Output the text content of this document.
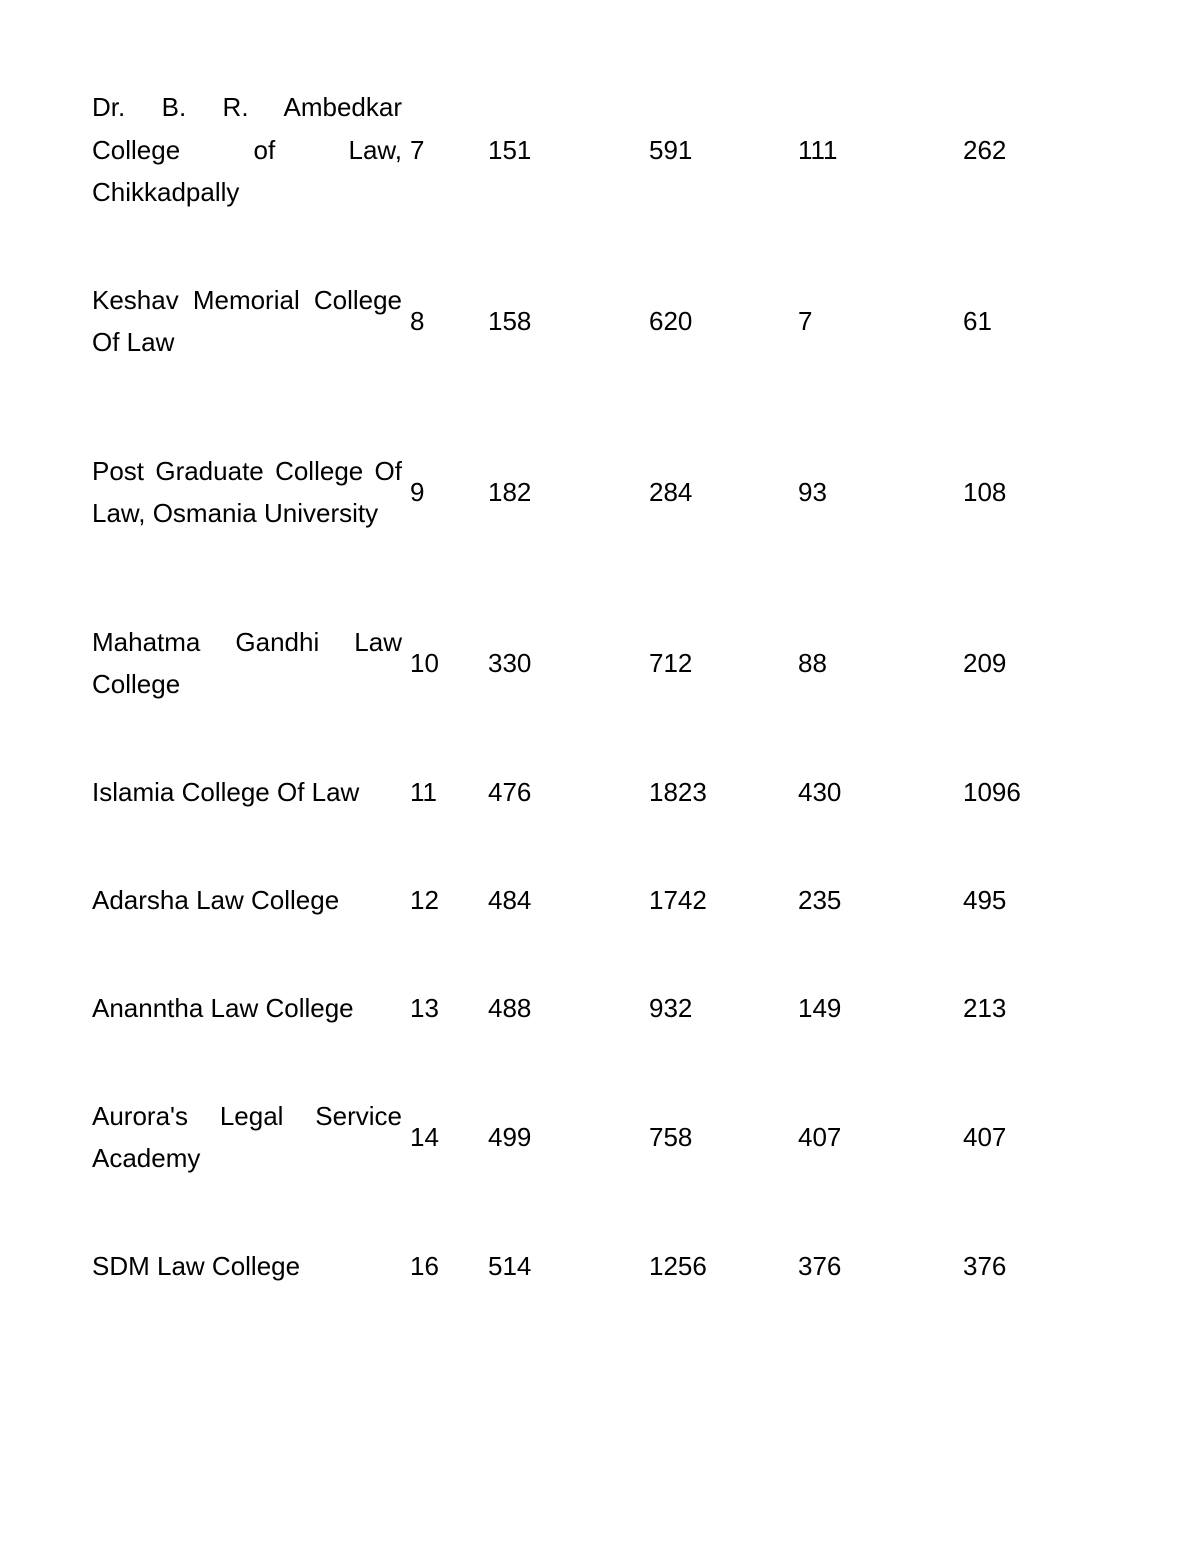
Dr. B. R. Ambedkar College of Law, Chikkadpally	7	151	591	111	262

Keshav Memorial College Of Law	8	158	620	7	61

Post Graduate College Of Law, Osmania University	9	182	284	93	108

Mahatma Gandhi Law College	10	330	712	88	209

Islamia College Of Law	11	476	1823	430	1096

Adarsha Law College	12	484	1742	235	495

Ananntha Law College	13	488	932	149	213

Aurora's Legal Service Academy	14	499	758	407	407

SDM Law College	16	514	1256	376	376
